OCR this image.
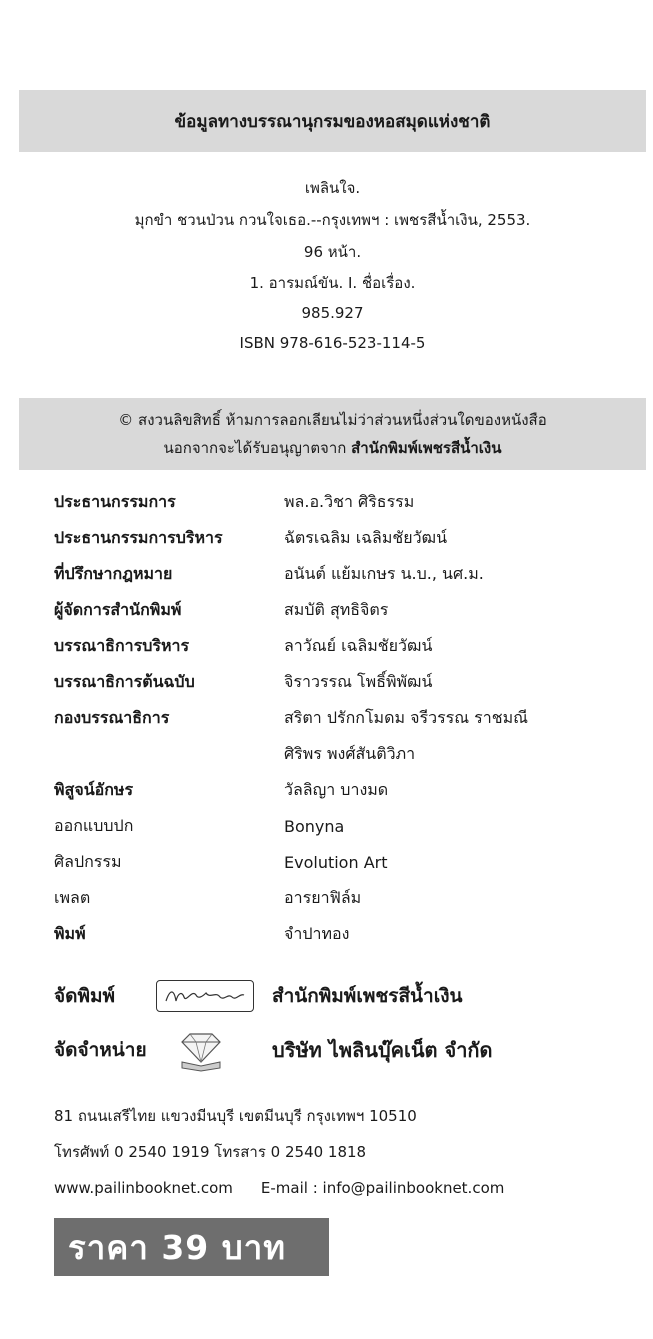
ข้อมูลทางบรรณานุกรมของหอสมุดแห่งชาติ
เพลินใจ.
มุกขำ ชวนป่วน กวนใจเธอ.--กรุงเทพฯ : เพชรสีน้ำเงิน, 2553.
96 หน้า.
1. อารมณ์ขัน. I. ชื่อเรื่อง.
985.927
ISBN 978-616-523-114-5
© สงวนลิขสิทธิ์ ห้ามการลอกเลียนไม่ว่าส่วนหนึ่งส่วนใดของหนังสือ
นอกจากจะได้รับอนุญาตจาก สำนักพิมพ์เพชรสีน้ำเงิน
ประธานกรรมการ	พล.อ.วิชา ศิริธรรม
ประธานกรรมการบริหาร	ฉัตรเฉลิม เฉลิมชัยวัฒน์
ที่ปรึกษากฎหมาย	อนันต์ แย้มเกษร น.บ., นศ.ม.
ผู้จัดการสำนักพิมพ์	สมบัติ สุทธิจิตร
บรรณาธิการบริหาร	ลาวัณย์ เฉลิมชัยวัฒน์
บรรณาธิการต้นฉบับ	จิราวรรณ โพธิ์พิพัฒน์
กองบรรณาธิการ	สริตา ปรักกโมดม จรีวรรณ ราชมณี
ศิริพร พงศ์สันติวิภา
พิสูจน์อักษร	วัลลิญา บางมด
ออกแบบปก	Bonyna
ศิลปกรรม	Evolution Art
เพลต	อารยาฟิล์ม
พิมพ์	จำปาทอง
จัดพิมพ์	สำนักพิมพ์เพชรสีน้ำเงิน
จัดจำหน่าย	บริษัท ไพลินบุ๊คเน็ต จำกัด
81 ถนนเสรีไทย แขวงมีนบุรี เขตมีนบุรี กรุงเทพฯ 10510
โทรศัพท์ 0 2540 1919 โทรสาร 0 2540 1818
www.pailinbooknet.com E-mail : info@pailinbooknet.com
ราคา 39 บาท
